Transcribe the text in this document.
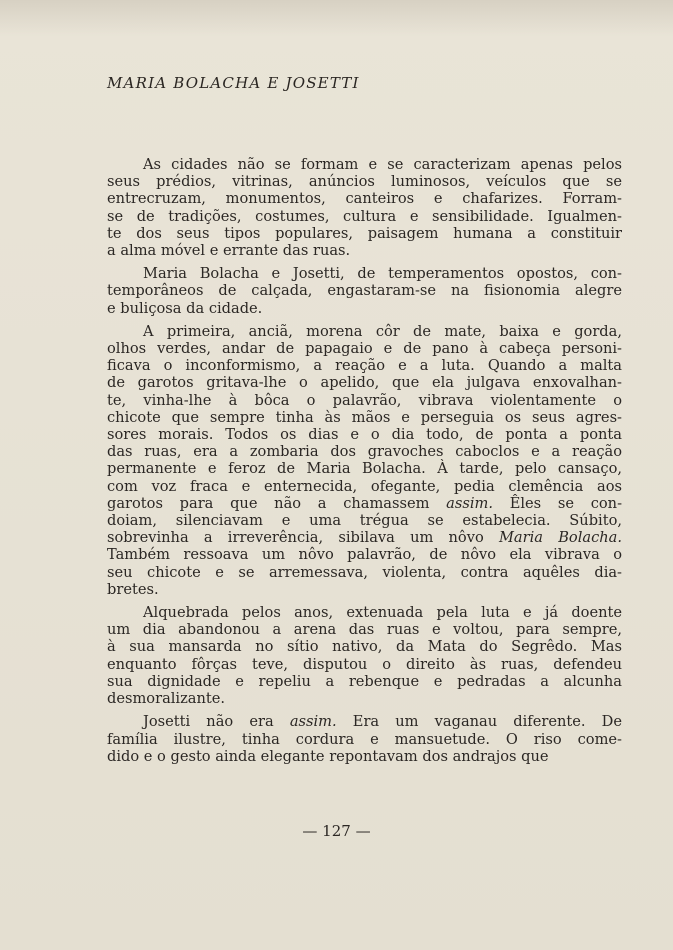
MARIA BOLACHA E JOSETTI

As cidades não se formam e se caracterizam apenas pelos
seus prédios, vitrinas, anúncios luminosos, veículos que se
entrecruzam, monumentos, canteiros e chafarizes. Forram-
se de tradições, costumes, cultura e sensibilidade. Igualmen-
te dos seus tipos populares, paisagem humana a constituir
a alma móvel e errante das ruas.

Maria Bolacha e Josetti, de temperamentos opostos, con-
temporâneos de calçada, engastaram-se na fisionomia alegre
e buliçosa da cidade.

A primeira, anciã, morena côr de mate, baixa e gorda,
olhos verdes, andar de papagaio e de pano à cabeça personi-
ficava o inconformismo, a reação e a luta. Quando a malta
de garotos gritava-lhe o apelido, que ela julgava enxovalhan-
te, vinha-lhe à bôca o palavrão, vibrava violentamente o
chicote que sempre tinha às mãos e perseguia os seus agres-
sores morais. Todos os dias e o dia todo, de ponta a ponta
das ruas, era a zombaria dos gravoches caboclos e a reação
permanente e feroz de Maria Bolacha. À tarde, pelo cansaço,
com voz fraca e enternecida, ofegante, pedia clemência aos
garotos para que não a chamassem assim. Êles se con-
doiam, silenciavam e uma trégua se estabelecia. Súbito,
sobrevinha a irreverência, sibilava um nôvo Maria Bolacha.
Também ressoava um nôvo palavrão, de nôvo ela vibrava o
seu chicote e se arremessava, violenta, contra aquêles dia-
bretes.

Alquebrada pelos anos, extenuada pela luta e já doente
um dia abandonou a arena das ruas e voltou, para sempre,
à sua mansarda no sítio nativo, da Mata do Segrêdo. Mas
enquanto fôrças teve, disputou o direito às ruas, defendeu
sua dignidade e repeliu a rebenque e pedradas a alcunha
desmoralizante.

Josetti não era assim. Era um vaganau diferente. De
família ilustre, tinha cordura e mansuetude. O riso come-
dido e o gesto ainda elegante repontavam dos andrajos que

— 127 —
